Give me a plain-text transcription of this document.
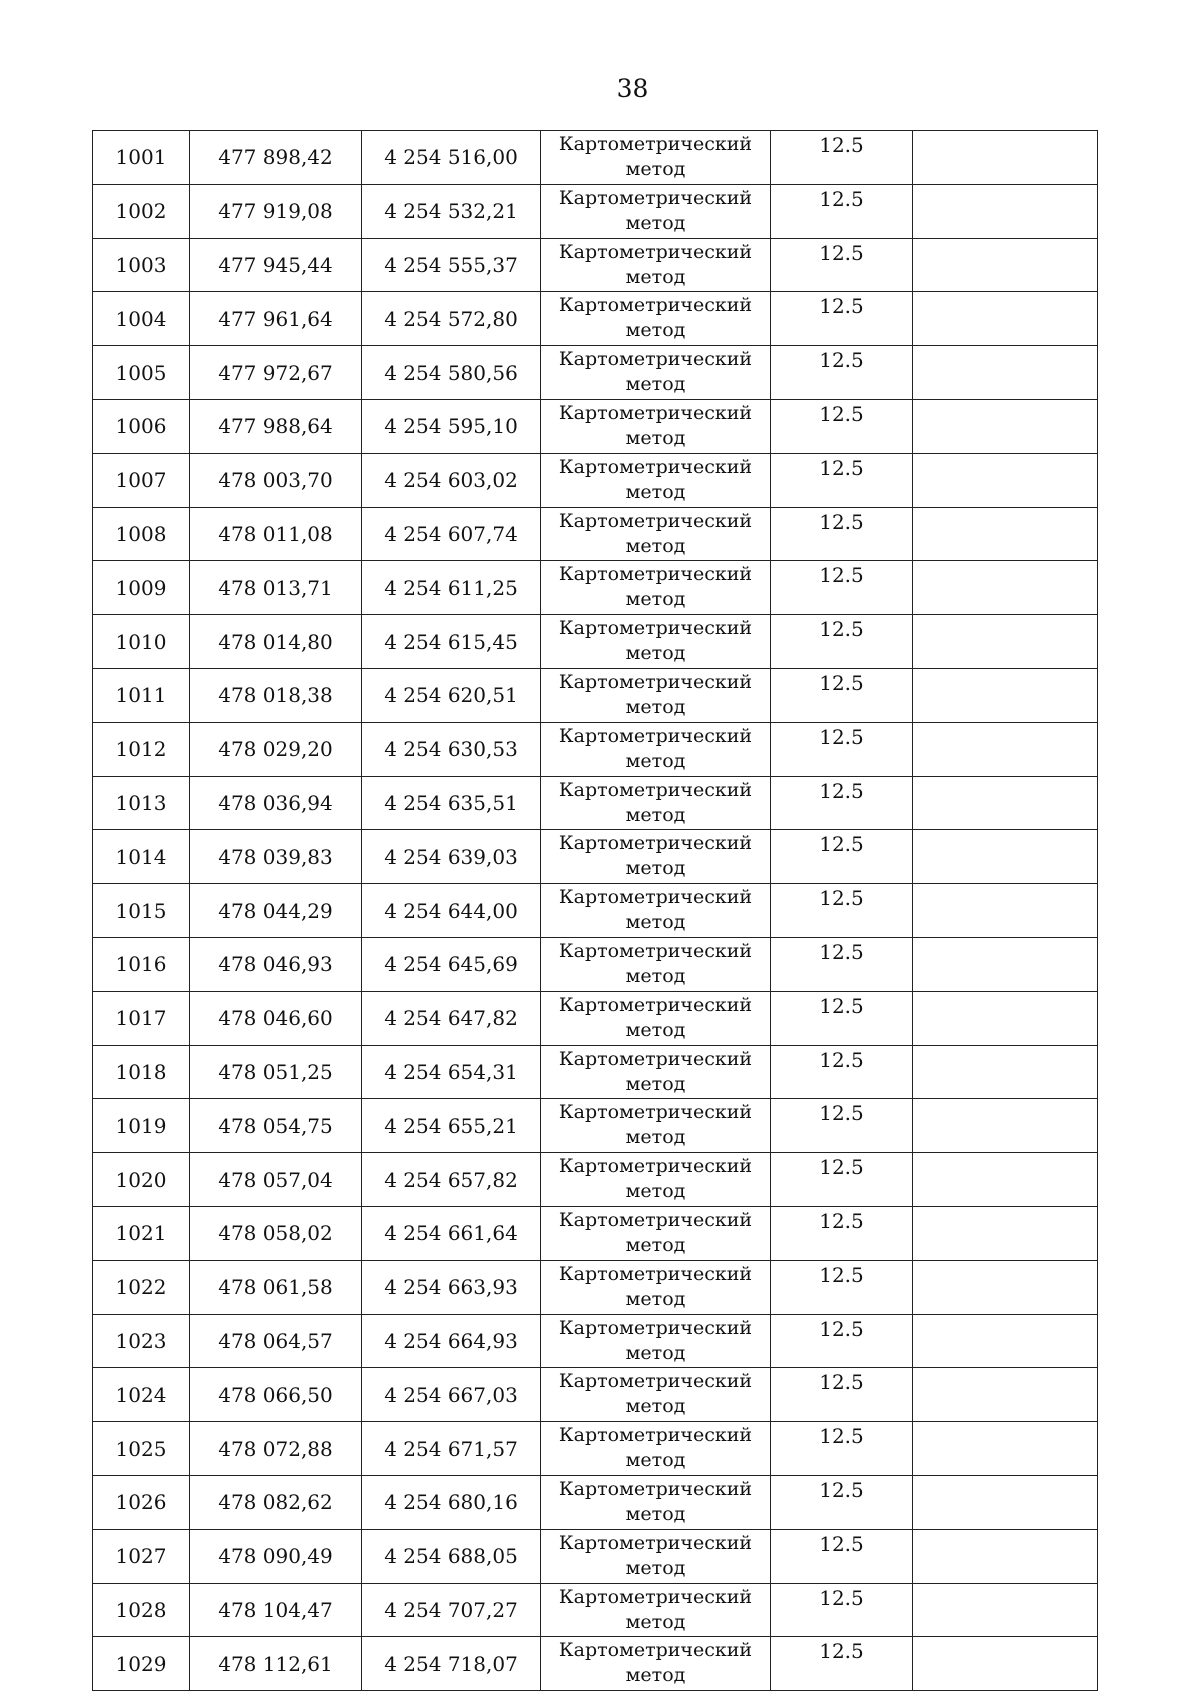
38
1001	477 898,42	4 254 516,00	Картометрический
метод	12.5	
1002	477 919,08	4 254 532,21	Картометрический
метод	12.5	
1003	477 945,44	4 254 555,37	Картометрический
метод	12.5	
1004	477 961,64	4 254 572,80	Картометрический
метод	12.5	
1005	477 972,67	4 254 580,56	Картометрический
метод	12.5	
1006	477 988,64	4 254 595,10	Картометрический
метод	12.5	
1007	478 003,70	4 254 603,02	Картометрический
метод	12.5	
1008	478 011,08	4 254 607,74	Картометрический
метод	12.5	
1009	478 013,71	4 254 611,25	Картометрический
метод	12.5	
1010	478 014,80	4 254 615,45	Картометрический
метод	12.5	
1011	478 018,38	4 254 620,51	Картометрический
метод	12.5	
1012	478 029,20	4 254 630,53	Картометрический
метод	12.5	
1013	478 036,94	4 254 635,51	Картометрический
метод	12.5	
1014	478 039,83	4 254 639,03	Картометрический
метод	12.5	
1015	478 044,29	4 254 644,00	Картометрический
метод	12.5	
1016	478 046,93	4 254 645,69	Картометрический
метод	12.5	
1017	478 046,60	4 254 647,82	Картометрический
метод	12.5	
1018	478 051,25	4 254 654,31	Картометрический
метод	12.5	
1019	478 054,75	4 254 655,21	Картометрический
метод	12.5	
1020	478 057,04	4 254 657,82	Картометрический
метод	12.5	
1021	478 058,02	4 254 661,64	Картометрический
метод	12.5	
1022	478 061,58	4 254 663,93	Картометрический
метод	12.5	
1023	478 064,57	4 254 664,93	Картометрический
метод	12.5	
1024	478 066,50	4 254 667,03	Картометрический
метод	12.5	
1025	478 072,88	4 254 671,57	Картометрический
метод	12.5	
1026	478 082,62	4 254 680,16	Картометрический
метод	12.5	
1027	478 090,49	4 254 688,05	Картометрический
метод	12.5	
1028	478 104,47	4 254 707,27	Картометрический
метод	12.5	
1029	478 112,61	4 254 718,07	Картометрический
метод	12.5	
